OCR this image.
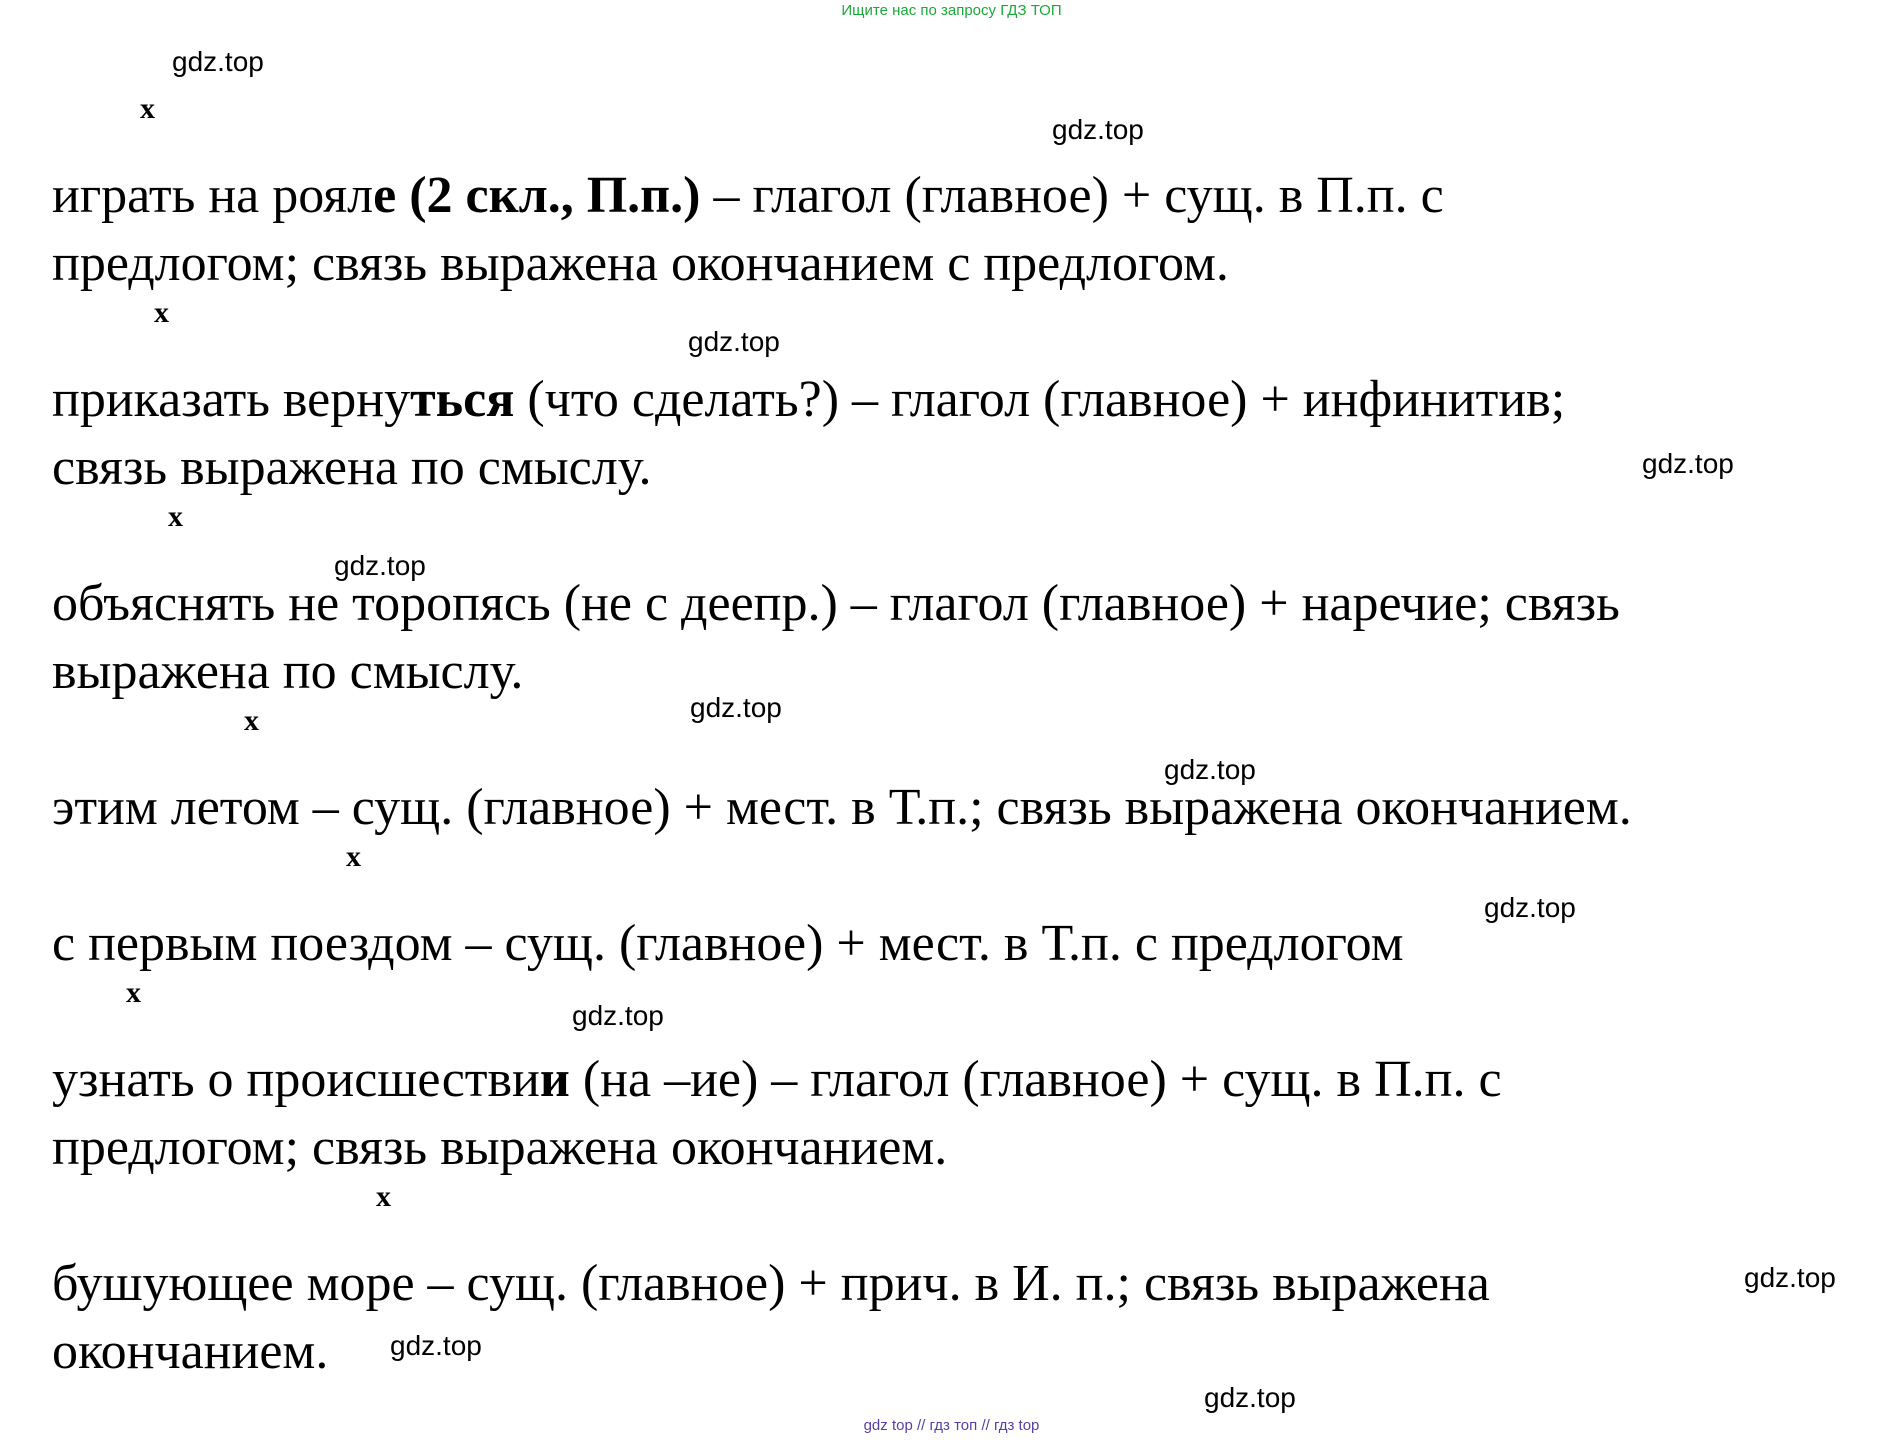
Ищите нас по запросу ГДЗ ТОП
gdz.top
gdz.top
gdz.top
gdz.top
gdz.top
gdz.top
gdz.top
gdz.top
gdz.top
gdz.top
gdz.top
gdz.top
x
x
x
x
x
x
x
играть на рояле (2 скл., П.п.) – глагол (главное) + сущ. в П.п. с
предлогом; связь выражена окончанием с предлогом.
приказать вернуться (что сделать?) – глагол (главное) + инфинитив;
связь выражена по смыслу.
объяснять не торопясь (не с деепр.) – глагол (главное) + наречие; связь
выражена по смыслу.
этим летом – сущ. (главное) + мест. в Т.п.; связь выражена окончанием.
с первым поездом – сущ. (главное) + мест. в Т.п. с предлогом
узнать о происшествии (на –ие) – глагол (главное) + сущ. в П.п. с
предлогом; связь выражена окончанием.
бушующее море – сущ. (главное) + прич. в И. п.; связь выражена
окончанием.
gdz top // гдз топ // гдз top
